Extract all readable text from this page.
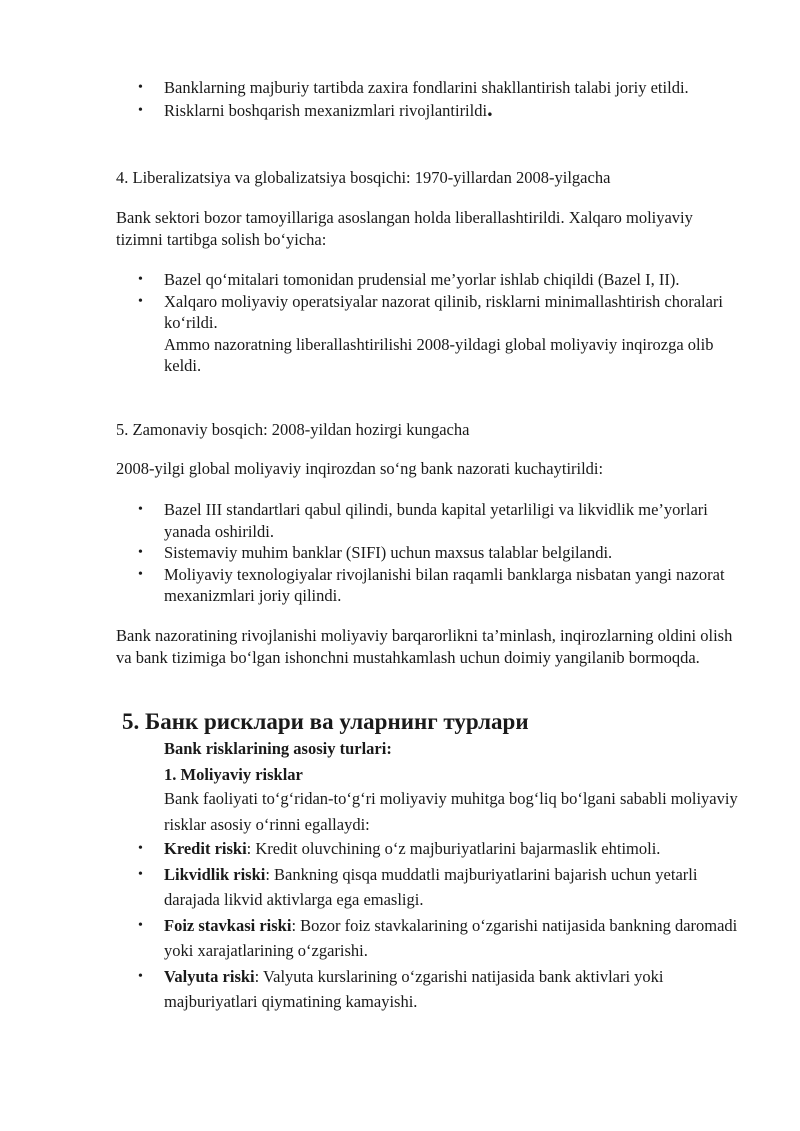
• Banklarning majburiy tartibda zaxira fondlarini shakllantirish talabi joriy etildi.
• Risklarni boshqarish mexanizmlari rivojlantirildi.

4. Liberalizatsiya va globalizatsiya bosqichi: 1970-yillardan 2008-yilgacha

Bank sektori bozor tamoyillariga asoslangan holda liberallashtirildi. Xalqaro moliyaviy tizimni tartibga solish bo‘yicha:

• Bazel qo‘mitalari tomonidan prudensial me’yorlar ishlab chiqildi (Bazel I, II).
• Xalqaro moliyaviy operatsiyalar nazorat qilinib, risklarni minimallashtirish choralari ko‘rildi.
Ammo nazoratning liberallashtirilishi 2008-yildagi global moliyaviy inqirozga olib keldi.

5. Zamonaviy bosqich: 2008-yildan hozirgi kungacha

2008-yilgi global moliyaviy inqirozdan so‘ng bank nazorati kuchaytirildi:

• Bazel III standartlari qabul qilindi, bunda kapital yetarliligi va likvidlik me’yorlari yanada oshirildi.
• Sistemaviy muhim banklar (SIFI) uchun maxsus talablar belgilandi.
• Moliyaviy texnologiyalar rivojlanishi bilan raqamli banklarga nisbatan yangi nazorat mexanizmlari joriy qilindi.

Bank nazoratining rivojlanishi moliyaviy barqarorlikni ta’minlash, inqirozlarning oldini olish va bank tizimiga bo‘lgan ishonchni mustahkamlash uchun doimiy yangilanib bormoqda.

5. Банк рисклари ва уларнинг турлари

Bank risklarining asosiy turlari:

1. Moliyaviy risklar

Bank faoliyati to‘g‘ridan-to‘g‘ri moliyaviy muhitga bog‘liq bo‘lgani sababli moliyaviy risklar asosiy o‘rinni egallaydi:

• Kredit riski: Kredit oluvchining o‘z majburiyatlarini bajarmaslik ehtimoli.
• Likvidlik riski: Bankning qisqa muddatli majburiyatlarini bajarish uchun yetarli darajada likvid aktivlarga ega emasligi.
• Foiz stavkasi riski: Bozor foiz stavkalarining o‘zgarishi natijasida bankning daromadi yoki xarajatlarining o‘zgarishi.
• Valyuta riski: Valyuta kurslarining o‘zgarishi natijasida bank aktivlari yoki majburiyatlari qiymatining kamayishi.
